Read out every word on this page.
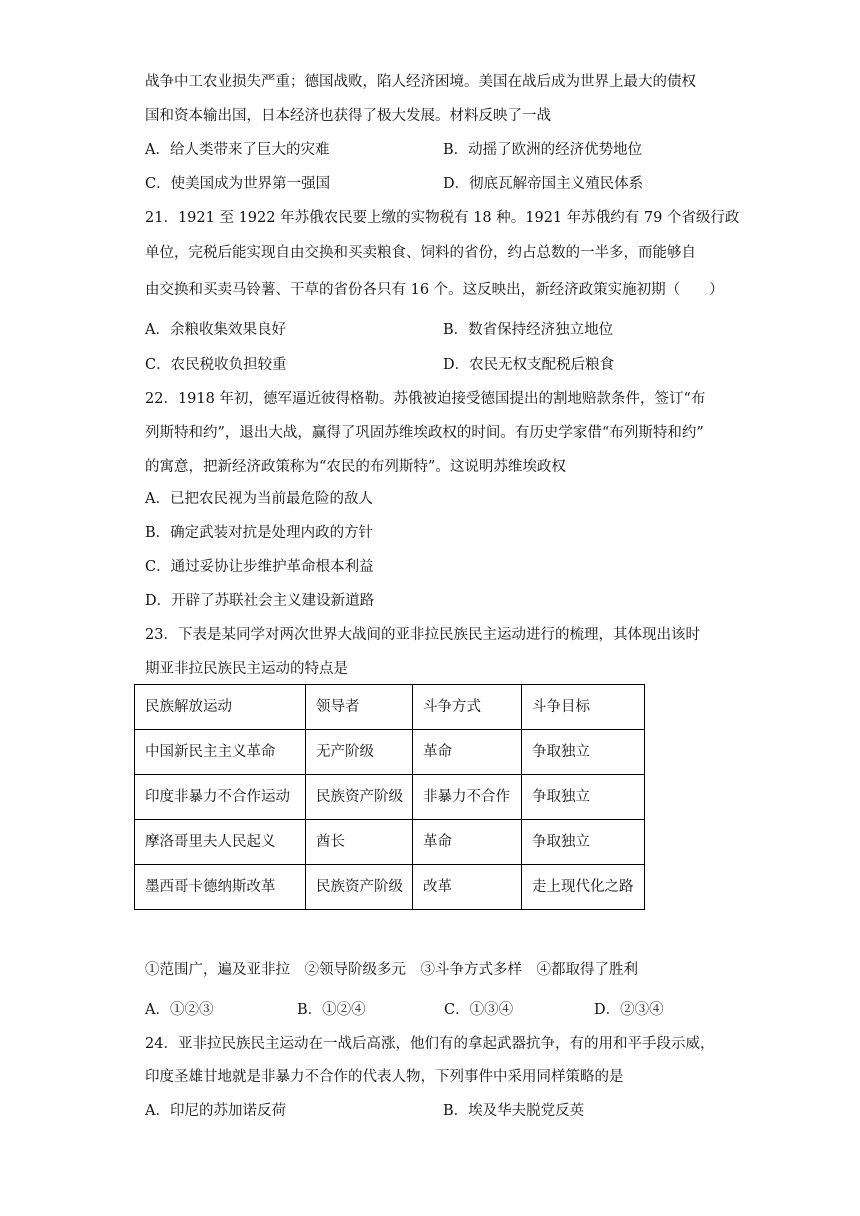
战争中工农业损失严重；德国战败，陷人经济困境。美国在战后成为世界上最大的债权
国和资本输出国，日本经济也获得了极大发展。材料反映了一战
A．给人类带来了巨大的灾难	B．动摇了欧洲的经济优势地位
C．使美国成为世界第一强国	D．彻底瓦解帝国主义殖民体系
21．1921 至 1922 年苏俄农民要上缴的实物税有 18 种。1921 年苏俄约有 79 个省级行政
单位，完税后能实现自由交换和买卖粮食、饲料的省份，约占总数的一半多，而能够自
由交换和买卖马铃薯、干草的省份各只有 16 个。这反映出，新经济政策实施初期（　　）
A．余粮收集效果良好	B．数省保持经济独立地位
C．农民税收负担较重	D．农民无权支配税后粮食
22．1918 年初，德军逼近彼得格勒。苏俄被迫接受德国提出的割地赔款条件，签订“布
列斯特和约”，退出大战，赢得了巩固苏维埃政权的时间。有历史学家借“布列斯特和约”
的寓意，把新经济政策称为“农民的布列斯特”。这说明苏维埃政权
A．已把农民视为当前最危险的敌人
B．确定武装对抗是处理内政的方针
C．通过妥协让步维护革命根本利益
D．开辟了苏联社会主义建设新道路
23．下表是某同学对两次世界大战间的亚非拉民族民主运动进行的梳理，其体现出该时
期亚非拉民族民主运动的特点是
民族解放运动	领导者	斗争方式	斗争目标
中国新民主主义革命	无产阶级	革命	争取独立
印度非暴力不合作运动	民族资产阶级	非暴力不合作	争取独立
摩洛哥里夫人民起义	酋长	革命	争取独立
墨西哥卡德纳斯改革	民族资产阶级	改革	走上现代化之路
①范围广，遍及亚非拉　②领导阶级多元　③斗争方式多样　④都取得了胜利
A．①②③	B．①②④	C．①③④	D．②③④
24．亚非拉民族民主运动在一战后高涨，他们有的拿起武器抗争，有的用和平手段示威，
印度圣雄甘地就是非暴力不合作的代表人物，下列事件中采用同样策略的是
A．印尼的苏加诺反荷	B．埃及华夫脱党反英
